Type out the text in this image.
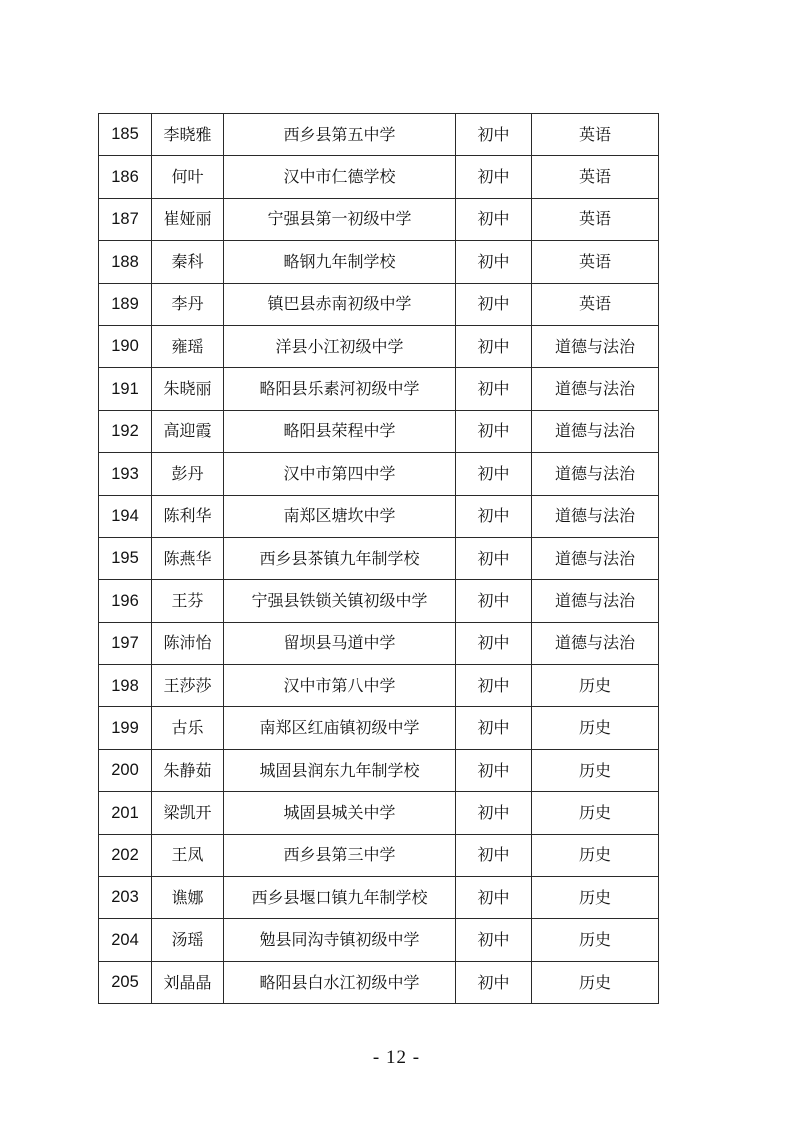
185	李晓雅	西乡县第五中学	初中	英语
186	何叶	汉中市仁德学校	初中	英语
187	崔娅丽	宁强县第一初级中学	初中	英语
188	秦科	略钢九年制学校	初中	英语
189	李丹	镇巴县赤南初级中学	初中	英语
190	雍瑶	洋县小江初级中学	初中	道德与法治
191	朱晓丽	略阳县乐素河初级中学	初中	道德与法治
192	高迎霞	略阳县荣程中学	初中	道德与法治
193	彭丹	汉中市第四中学	初中	道德与法治
194	陈利华	南郑区塘坎中学	初中	道德与法治
195	陈燕华	西乡县茶镇九年制学校	初中	道德与法治
196	王芬	宁强县铁锁关镇初级中学	初中	道德与法治
197	陈沛怡	留坝县马道中学	初中	道德与法治
198	王莎莎	汉中市第八中学	初中	历史
199	古乐	南郑区红庙镇初级中学	初中	历史
200	朱静茹	城固县润东九年制学校	初中	历史
201	梁凯开	城固县城关中学	初中	历史
202	王凤	西乡县第三中学	初中	历史
203	谯娜	西乡县堰口镇九年制学校	初中	历史
204	汤瑶	勉县同沟寺镇初级中学	初中	历史
205	刘晶晶	略阳县白水江初级中学	初中	历史
- 12 -
